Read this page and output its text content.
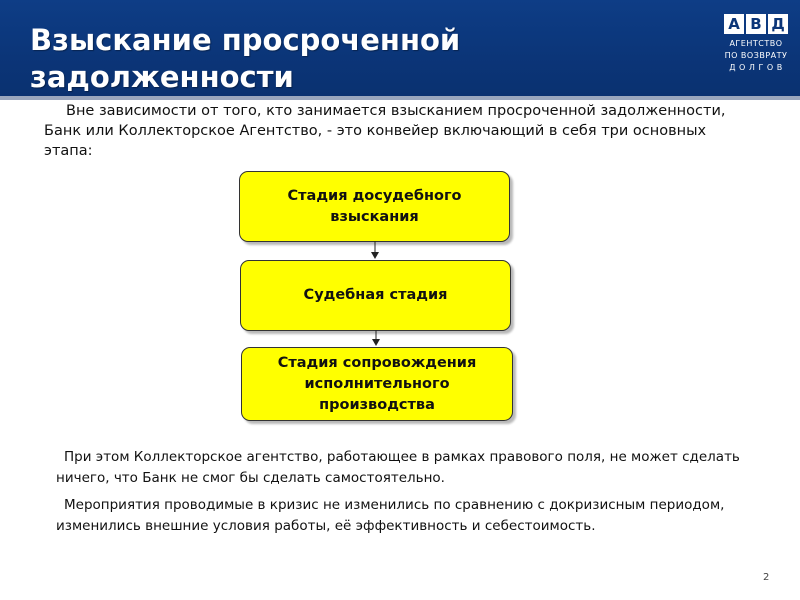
Взыскание просроченной
задолженности
А В Д
АГЕНТСТВО
ПО ВОЗВРАТУ
Д О Л Г О В
Вне зависимости от того, кто занимается взысканием просроченной задолженности, Банк или Коллекторское Агентство, - это конвейер включающий в себя три основных этапа:
Стадия досудебного
взыскания
Судебная стадия
Стадия сопровождения
исполнительного
производства
При этом Коллекторское агентство, работающее в рамках правового поля, не может сделать ничего, что Банк не смог бы сделать самостоятельно.
Мероприятия проводимые в кризис не изменились по сравнению с докризисным периодом, изменились внешние условия работы, её эффективность и себестоимость.
2
